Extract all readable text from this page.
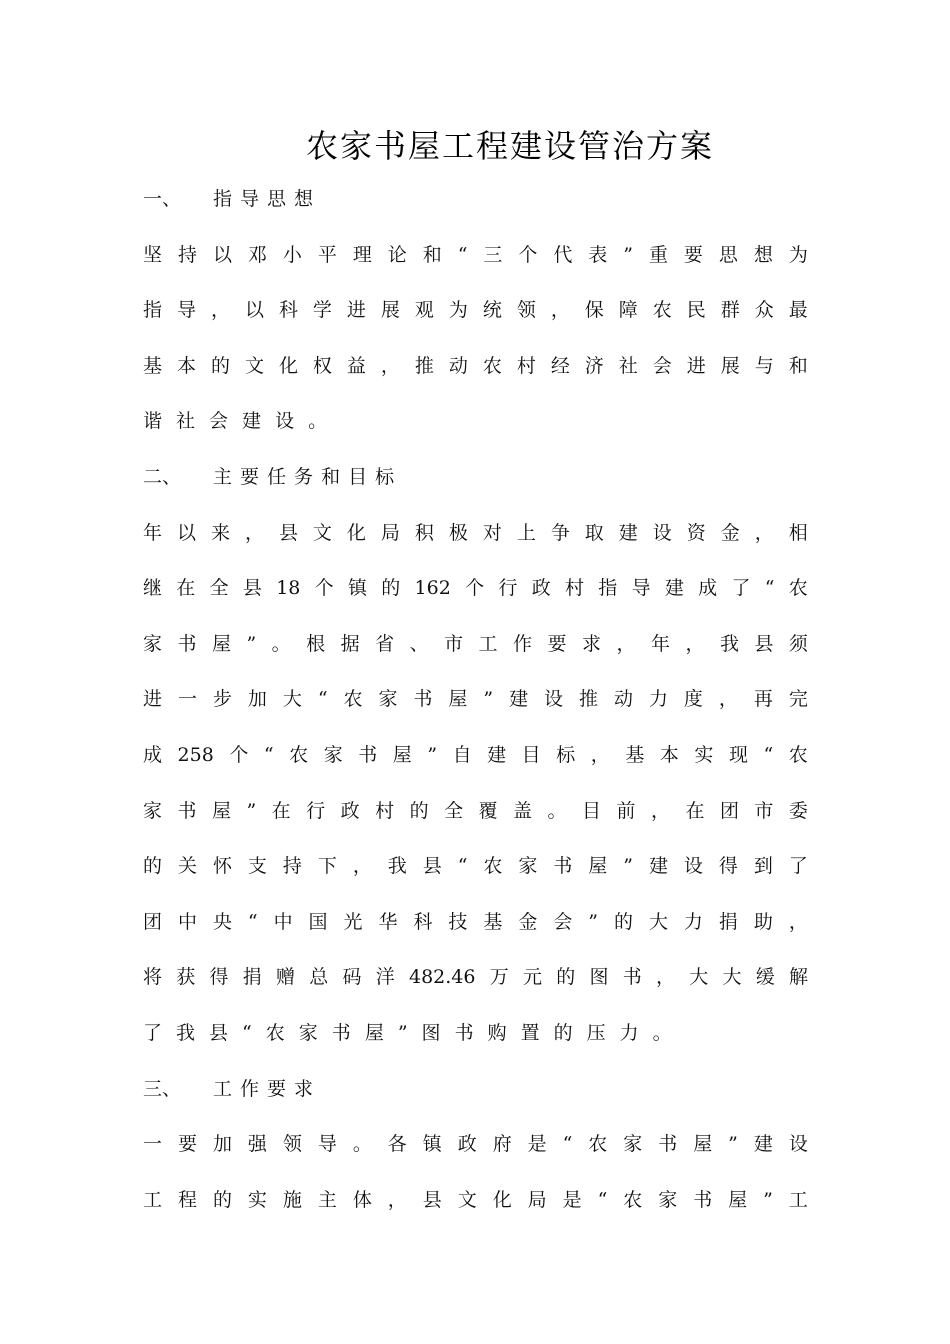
农家书屋工程建设管治方案
一、	指 导 思 想
坚 持 以 邓 小 平 理 论 和 “ 三 个 代 表 ” 重 要 思 想 为
指 导 ， 以 科 学 进 展 观 为 统 领 ， 保 障 农 民 群 众 最
基 本 的 文 化 权 益 ， 推 动 农 村 经 济 社 会 进 展 与 和
谐 社 会 建 设 。
二、	主 要 任 务 和 目 标
年 以 来 ， 县 文 化 局 积 极 对 上 争 取 建 设 资 金 ， 相
继 在 全 县 18 个 镇 的 162 个 行 政 村 指 导 建 成 了 “ 农
家 书 屋 ” 。 根 据 省 、 市 工 作 要 求 ， 年 ， 我 县 须
进 一 步 加 大 “ 农 家 书 屋 ” 建 设 推 动 力 度 ， 再 完
成 258 个 “ 农 家 书 屋 ” 自 建 目 标 ， 基 本 实 现 “ 农
家 书 屋 ” 在 行 政 村 的 全 覆 盖 。 目 前 ， 在 团 市 委
的 关 怀 支 持 下 ， 我 县 “ 农 家 书 屋 ” 建 设 得 到 了
团 中 央 “ 中 国 光 华 科 技 基 金 会 ” 的 大 力 捐 助 ，
将 获 得 捐 赠 总 码 洋 482.46 万 元 的 图 书 ， 大 大 缓 解
了 我 县 “ 农 家 书 屋 ” 图 书 购 置 的 压 力 。
三、	工 作 要 求
一 要 加 强 领 导 。 各 镇 政 府 是 “ 农 家 书 屋 ” 建 设
工 程 的 实 施 主 体 ， 县 文 化 局 是 “ 农 家 书 屋 ” 工
